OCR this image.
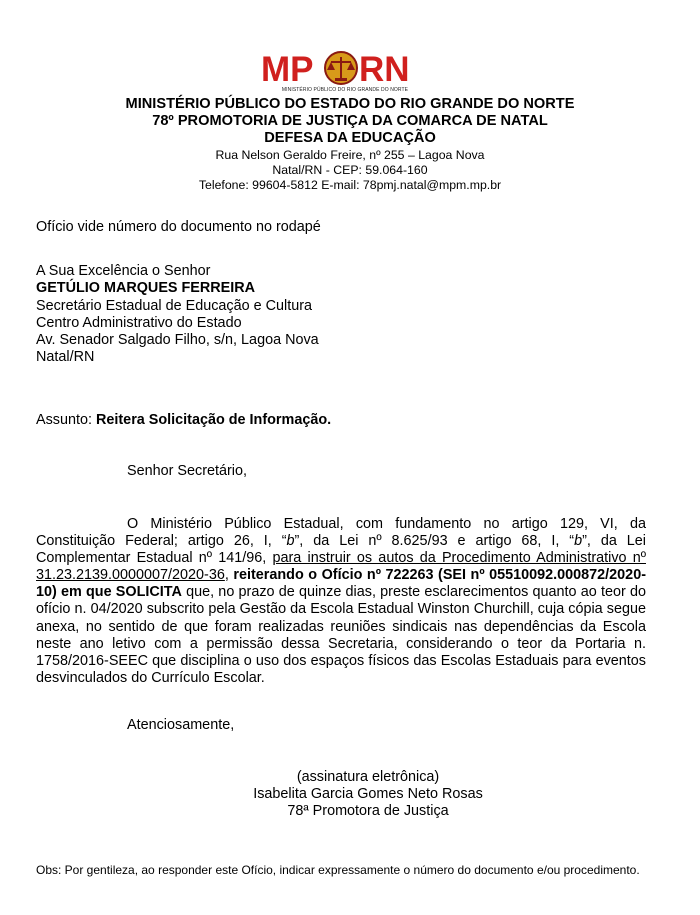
MP RN
MINISTÉRIO PÚBLICO DO RIO GRANDE DO NORTE
MINISTÉRIO PÚBLICO DO ESTADO DO RIO GRANDE DO NORTE
78º PROMOTORIA DE JUSTIÇA DA COMARCA DE NATAL
DEFESA DA EDUCAÇÃO
Rua Nelson Geraldo Freire, nº 255 – Lagoa Nova
Natal/RN - CEP: 59.064-160
Telefone: 99604-5812 E-mail: 78pmj.natal@mpm.mp.br
Ofício vide número do documento no rodapé
A Sua Excelência o Senhor
GETÚLIO MARQUES FERREIRA
Secretário Estadual de Educação e Cultura
Centro Administrativo do Estado
Av. Senador Salgado Filho, s/n, Lagoa Nova
Natal/RN
Assunto: Reitera Solicitação de Informação.
Senhor Secretário,
O Ministério Público Estadual, com fundamento no artigo 129, VI, da Constituição Federal; artigo 26, I, “b”, da Lei nº 8.625/93 e artigo 68, I, “b”, da Lei Complementar Estadual nº 141/96, para instruir os autos da Procedimento Administrativo nº 31.23.2139.0000007/2020-36, reiterando o Ofício nº 722263 (SEI nº 05510092.000872/2020-10) em que SOLICITA que, no prazo de quinze dias, preste esclarecimentos quanto ao teor do ofício n. 04/2020 subscrito pela Gestão da Escola Estadual Winston Churchill, cuja cópia segue anexa, no sentido de que foram realizadas reuniões sindicais nas dependências da Escola neste ano letivo com a permissão dessa Secretaria, considerando o teor da Portaria n. 1758/2016-SEEC que disciplina o uso dos espaços físicos das Escolas Estaduais para eventos desvinculados do Currículo Escolar.
Atenciosamente,
(assinatura eletrônica)
Isabelita Garcia Gomes Neto Rosas
78ª Promotora de Justiça
Obs: Por gentileza, ao responder este Ofício, indicar expressamente o número do documento e/ou procedimento.
